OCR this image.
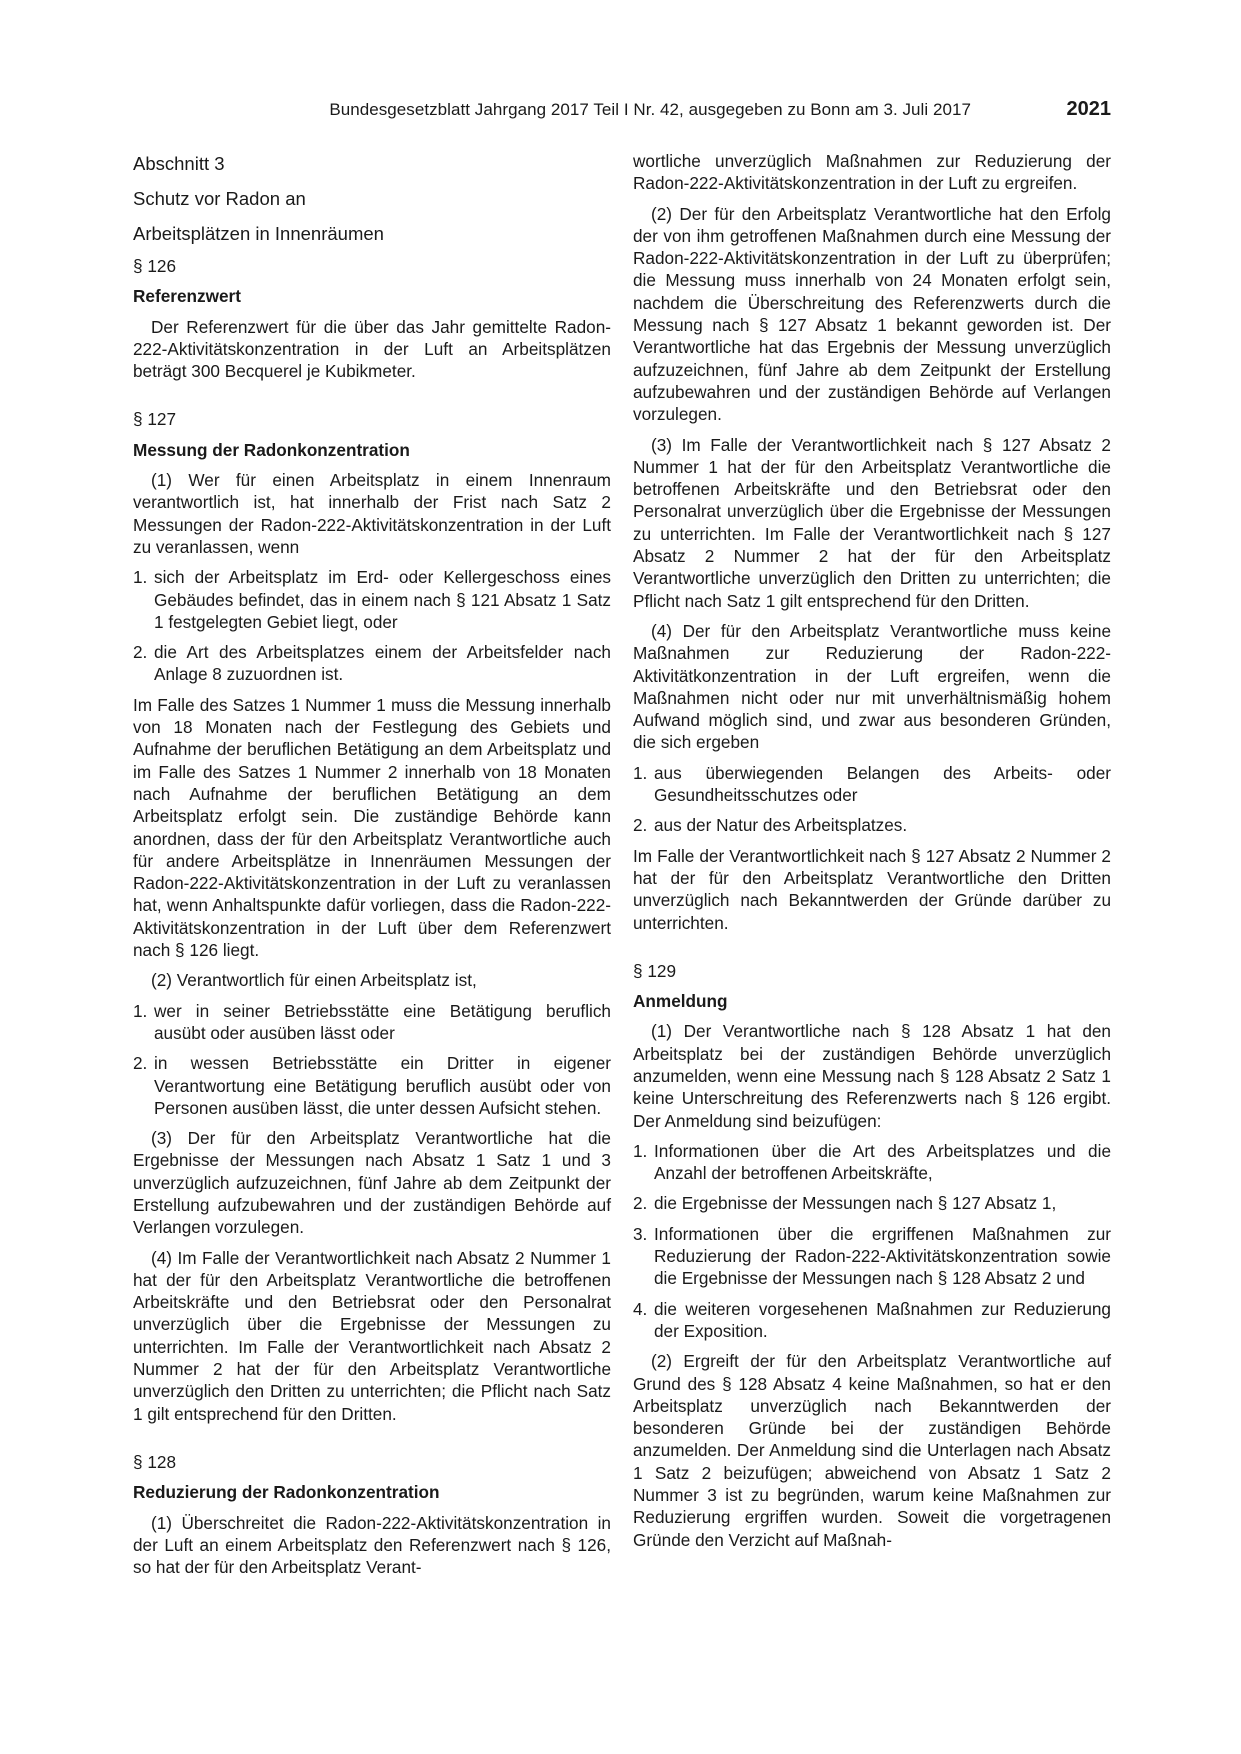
Bundesgesetzblatt Jahrgang 2017 Teil I Nr. 42, ausgegeben zu Bonn am 3. Juli 2017	2021

Abschnitt 3

Schutz vor Radon an

Arbeitsplätzen in Innenräumen

§ 126

Referenzwert

Der Referenzwert für die über das Jahr gemittelte Radon-222-Aktivitätskonzentration in der Luft an Arbeitsplätzen beträgt 300 Becquerel je Kubikmeter.

§ 127

Messung der Radonkonzentration

(1) Wer für einen Arbeitsplatz in einem Innenraum verantwortlich ist, hat innerhalb der Frist nach Satz 2 Messungen der Radon-222-Aktivitätskonzentration in der Luft zu veranlassen, wenn

1. sich der Arbeitsplatz im Erd- oder Kellergeschoss eines Gebäudes befindet, das in einem nach § 121 Absatz 1 Satz 1 festgelegten Gebiet liegt, oder
2. die Art des Arbeitsplatzes einem der Arbeitsfelder nach Anlage 8 zuzuordnen ist.

Im Falle des Satzes 1 Nummer 1 muss die Messung innerhalb von 18 Monaten nach der Festlegung des Gebiets und Aufnahme der beruflichen Betätigung an dem Arbeitsplatz und im Falle des Satzes 1 Nummer 2 innerhalb von 18 Monaten nach Aufnahme der beruflichen Betätigung an dem Arbeitsplatz erfolgt sein. Die zuständige Behörde kann anordnen, dass der für den Arbeitsplatz Verantwortliche auch für andere Arbeitsplätze in Innenräumen Messungen der Radon-222-Aktivitätskonzentration in der Luft zu veranlassen hat, wenn Anhaltspunkte dafür vorliegen, dass die Radon-222-Aktivitätskonzentration in der Luft über dem Referenzwert nach § 126 liegt.

(2) Verantwortlich für einen Arbeitsplatz ist,

1. wer in seiner Betriebsstätte eine Betätigung beruflich ausübt oder ausüben lässt oder
2. in wessen Betriebsstätte ein Dritter in eigener Verantwortung eine Betätigung beruflich ausübt oder von Personen ausüben lässt, die unter dessen Aufsicht stehen.

(3) Der für den Arbeitsplatz Verantwortliche hat die Ergebnisse der Messungen nach Absatz 1 Satz 1 und 3 unverzüglich aufzuzeichnen, fünf Jahre ab dem Zeitpunkt der Erstellung aufzubewahren und der zuständigen Behörde auf Verlangen vorzulegen.

(4) Im Falle der Verantwortlichkeit nach Absatz 2 Nummer 1 hat der für den Arbeitsplatz Verantwortliche die betroffenen Arbeitskräfte und den Betriebsrat oder den Personalrat unverzüglich über die Ergebnisse der Messungen zu unterrichten. Im Falle der Verantwortlichkeit nach Absatz 2 Nummer 2 hat der für den Arbeitsplatz Verantwortliche unverzüglich den Dritten zu unterrichten; die Pflicht nach Satz 1 gilt entsprechend für den Dritten.

§ 128

Reduzierung der Radonkonzentration

(1) Überschreitet die Radon-222-Aktivitätskonzentration in der Luft an einem Arbeitsplatz den Referenzwert nach § 126, so hat der für den Arbeitsplatz Verant-

wortliche unverzüglich Maßnahmen zur Reduzierung der Radon-222-Aktivitätskonzentration in der Luft zu ergreifen.

(2) Der für den Arbeitsplatz Verantwortliche hat den Erfolg der von ihm getroffenen Maßnahmen durch eine Messung der Radon-222-Aktivitätskonzentration in der Luft zu überprüfen; die Messung muss innerhalb von 24 Monaten erfolgt sein, nachdem die Überschreitung des Referenzwerts durch die Messung nach § 127 Absatz 1 bekannt geworden ist. Der Verantwortliche hat das Ergebnis der Messung unverzüglich aufzuzeichnen, fünf Jahre ab dem Zeitpunkt der Erstellung aufzubewahren und der zuständigen Behörde auf Verlangen vorzulegen.

(3) Im Falle der Verantwortlichkeit nach § 127 Absatz 2 Nummer 1 hat der für den Arbeitsplatz Verantwortliche die betroffenen Arbeitskräfte und den Betriebsrat oder den Personalrat unverzüglich über die Ergebnisse der Messungen zu unterrichten. Im Falle der Verantwortlichkeit nach § 127 Absatz 2 Nummer 2 hat der für den Arbeitsplatz Verantwortliche unverzüglich den Dritten zu unterrichten; die Pflicht nach Satz 1 gilt entsprechend für den Dritten.

(4) Der für den Arbeitsplatz Verantwortliche muss keine Maßnahmen zur Reduzierung der Radon-222-Aktivitätkonzentration in der Luft ergreifen, wenn die Maßnahmen nicht oder nur mit unverhältnismäßig hohem Aufwand möglich sind, und zwar aus besonderen Gründen, die sich ergeben

1. aus überwiegenden Belangen des Arbeits- oder Gesundheitsschutzes oder
2. aus der Natur des Arbeitsplatzes.

Im Falle der Verantwortlichkeit nach § 127 Absatz 2 Nummer 2 hat der für den Arbeitsplatz Verantwortliche den Dritten unverzüglich nach Bekanntwerden der Gründe darüber zu unterrichten.

§ 129

Anmeldung

(1) Der Verantwortliche nach § 128 Absatz 1 hat den Arbeitsplatz bei der zuständigen Behörde unverzüglich anzumelden, wenn eine Messung nach § 128 Absatz 2 Satz 1 keine Unterschreitung des Referenzwerts nach § 126 ergibt. Der Anmeldung sind beizufügen:

1. Informationen über die Art des Arbeitsplatzes und die Anzahl der betroffenen Arbeitskräfte,
2. die Ergebnisse der Messungen nach § 127 Absatz 1,
3. Informationen über die ergriffenen Maßnahmen zur Reduzierung der Radon-222-Aktivitätskonzentration sowie die Ergebnisse der Messungen nach § 128 Absatz 2 und
4. die weiteren vorgesehenen Maßnahmen zur Reduzierung der Exposition.

(2) Ergreift der für den Arbeitsplatz Verantwortliche auf Grund des § 128 Absatz 4 keine Maßnahmen, so hat er den Arbeitsplatz unverzüglich nach Bekanntwerden der besonderen Gründe bei der zuständigen Behörde anzumelden. Der Anmeldung sind die Unterlagen nach Absatz 1 Satz 2 beizufügen; abweichend von Absatz 1 Satz 2 Nummer 3 ist zu begründen, warum keine Maßnahmen zur Reduzierung ergriffen wurden. Soweit die vorgetragenen Gründe den Verzicht auf Maßnah-
